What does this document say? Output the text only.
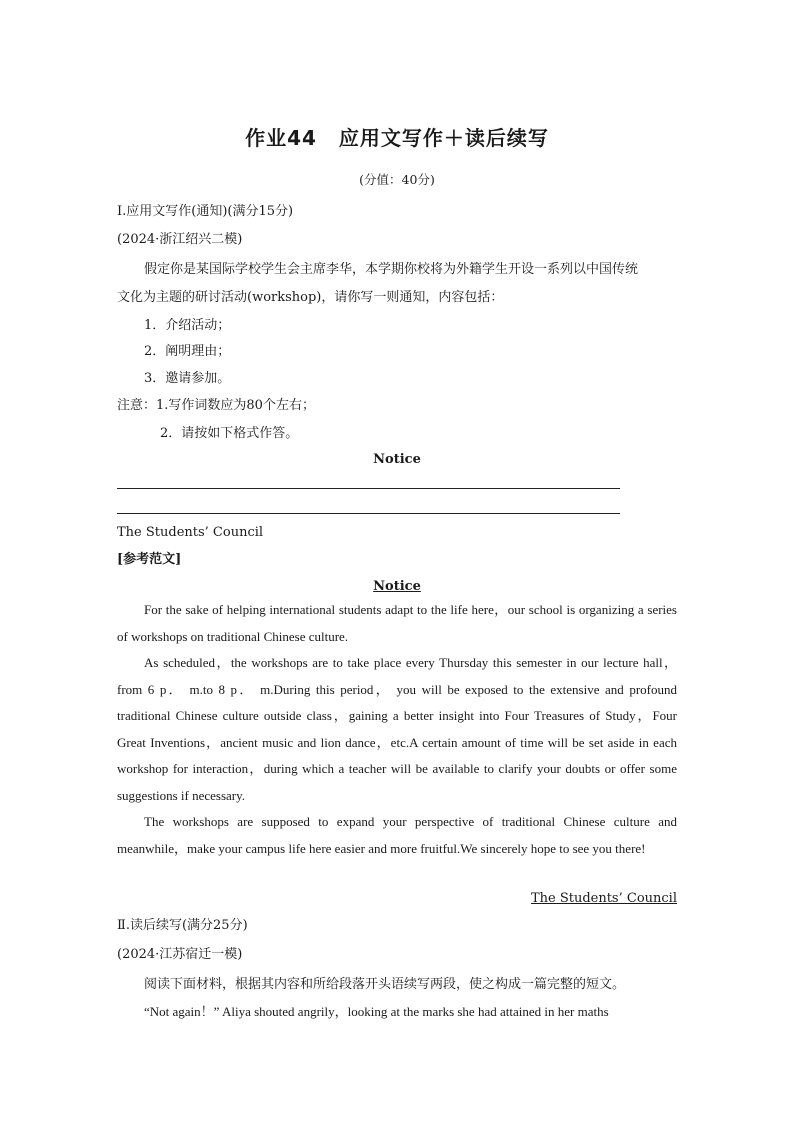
作业44 应用文写作＋读后续写
(分值：40分)
Ⅰ.应用文写作(通知)(满分15分)
(2024·浙江绍兴二模)
假定你是某国际学校学生会主席李华，本学期你校将为外籍学生开设一系列以中国传统
文化为主题的研讨活动(workshop)，请你写一则通知，内容包括：
1．介绍活动；
2．阐明理由；
3．邀请参加。
注意：1.写作词数应为80个左右；
2．请按如下格式作答。
Notice
The Students’ Council
[参考范文]
Notice

For the sake of helping international students adapt to the life here，our school is organizing a series of workshops on traditional Chinese culture.

As scheduled，the workshops are to take place every Thursday this semester in our lecture hall， from 6 p． m.to 8 p． m.During this period， you will be exposed to the extensive and profound traditional Chinese culture outside class，gaining a better insight into Four Treasures of Study，Four Great Inventions，ancient music and lion dance，etc.A certain amount of time will be set aside in each workshop for interaction，during which a teacher will be available to clarify your doubts or offer some suggestions if necessary.

The workshops are supposed to expand your perspective of traditional Chinese culture and meanwhile，make your campus life here easier and more fruitful.We sincerely hope to see you there!

The Students’ Council
Ⅱ.读后续写(满分25分)
(2024·江苏宿迁一模)
阅读下面材料，根据其内容和所给段落开头语续写两段，使之构成一篇完整的短文。

“Not again！” Aliya shouted angrily，looking at the marks she had attained in her maths
